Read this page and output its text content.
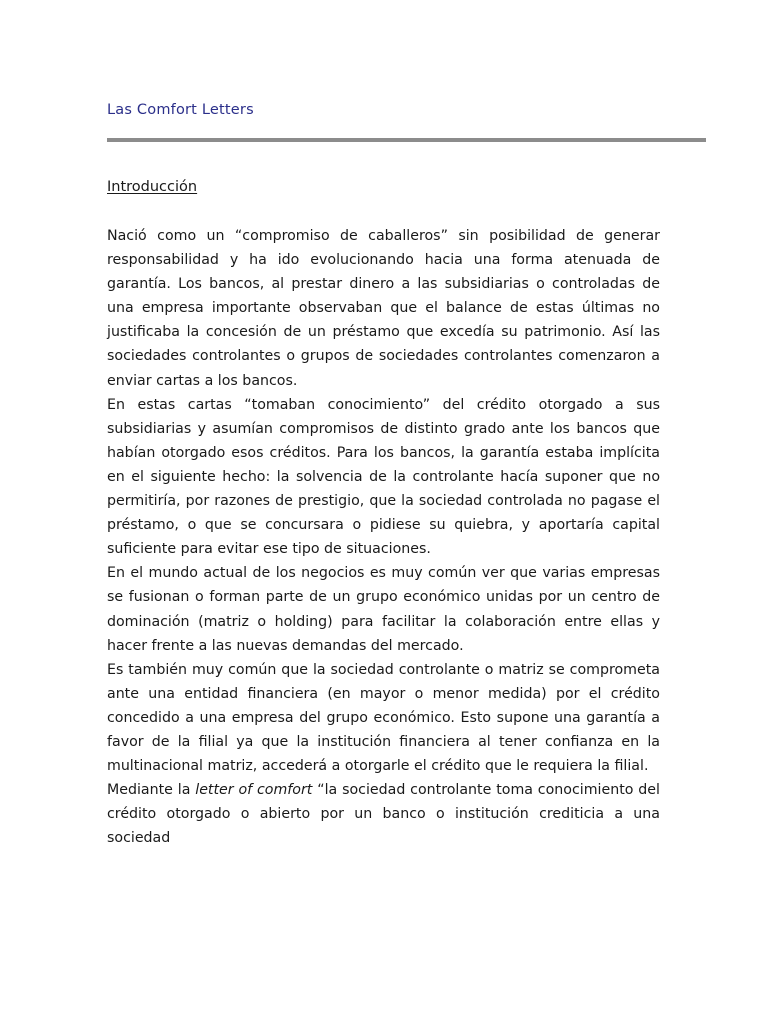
Las Comfort Letters
Introducción

Nació como un “compromiso de caballeros” sin posibilidad de generar responsabilidad y ha ido evolucionando hacia una forma atenuada de garantía. Los bancos, al prestar dinero a las subsidiarias o controladas de una empresa importante observaban que el balance de estas últimas no justificaba la concesión de un préstamo que excedía su patrimonio. Así las sociedades controlantes o grupos de sociedades controlantes comenzaron a enviar cartas a los bancos.

En estas cartas “tomaban conocimiento” del crédito otorgado a sus subsidiarias y asumían compromisos de distinto grado ante los bancos que habían otorgado esos créditos. Para los bancos, la garantía estaba implícita en el siguiente hecho: la solvencia de la controlante hacía suponer que no permitiría, por razones de prestigio, que la sociedad controlada no pagase el préstamo, o que se concursara o pidiese su quiebra, y aportaría capital suficiente para evitar ese tipo de situaciones.

En el mundo actual de los negocios es muy común ver que varias empresas se fusionan o forman parte de un grupo económico unidas por un centro de dominación (matriz o holding) para facilitar la colaboración entre ellas y hacer frente a las nuevas demandas del mercado.

Es también muy común que la sociedad controlante o matriz se comprometa ante una entidad financiera (en mayor o menor medida) por el crédito concedido a una empresa del grupo económico. Esto supone una garantía a favor de la filial ya que la institución financiera al tener confianza en la multinacional matriz, accederá a otorgarle el crédito que le requiera la filial.

Mediante la letter of comfort “la sociedad controlante toma conocimiento del crédito otorgado o abierto por un banco o institución crediticia a una sociedad
